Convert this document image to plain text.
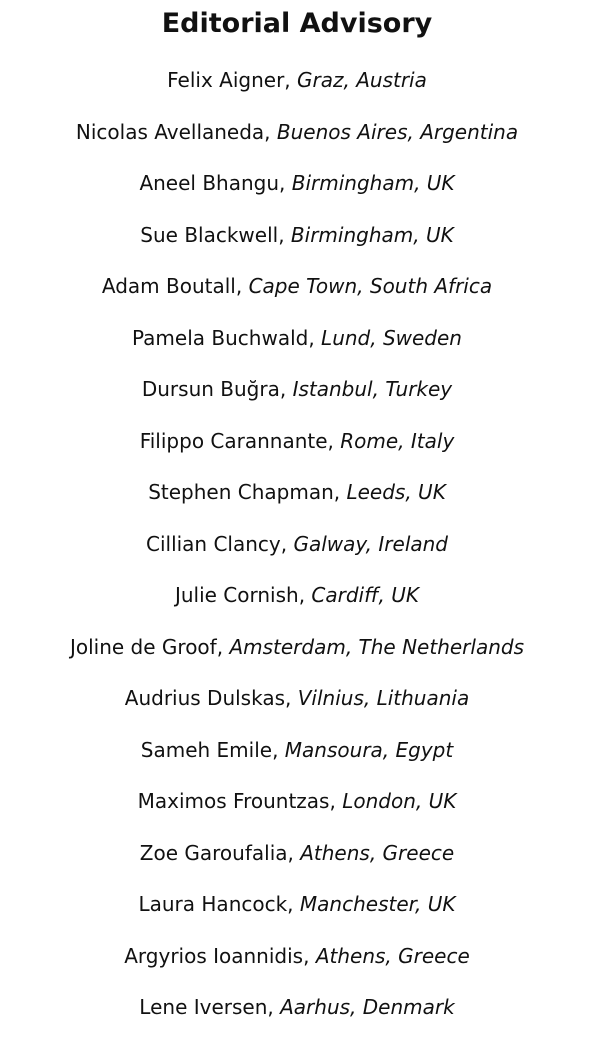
Editorial Advisory
Felix Aigner, Graz, Austria
Nicolas Avellaneda, Buenos Aires, Argentina
Aneel Bhangu, Birmingham, UK
Sue Blackwell, Birmingham, UK
Adam Boutall, Cape Town, South Africa
Pamela Buchwald, Lund, Sweden
Dursun Buğra, Istanbul, Turkey
Filippo Carannante, Rome, Italy
Stephen Chapman, Leeds, UK
Cillian Clancy, Galway, Ireland
Julie Cornish, Cardiff, UK
Joline de Groof, Amsterdam, The Netherlands
Audrius Dulskas, Vilnius, Lithuania
Sameh Emile, Mansoura, Egypt
Maximos Frountzas, London, UK
Zoe Garoufalia, Athens, Greece
Laura Hancock, Manchester, UK
Argyrios Ioannidis, Athens, Greece
Lene Iversen, Aarhus, Denmark
